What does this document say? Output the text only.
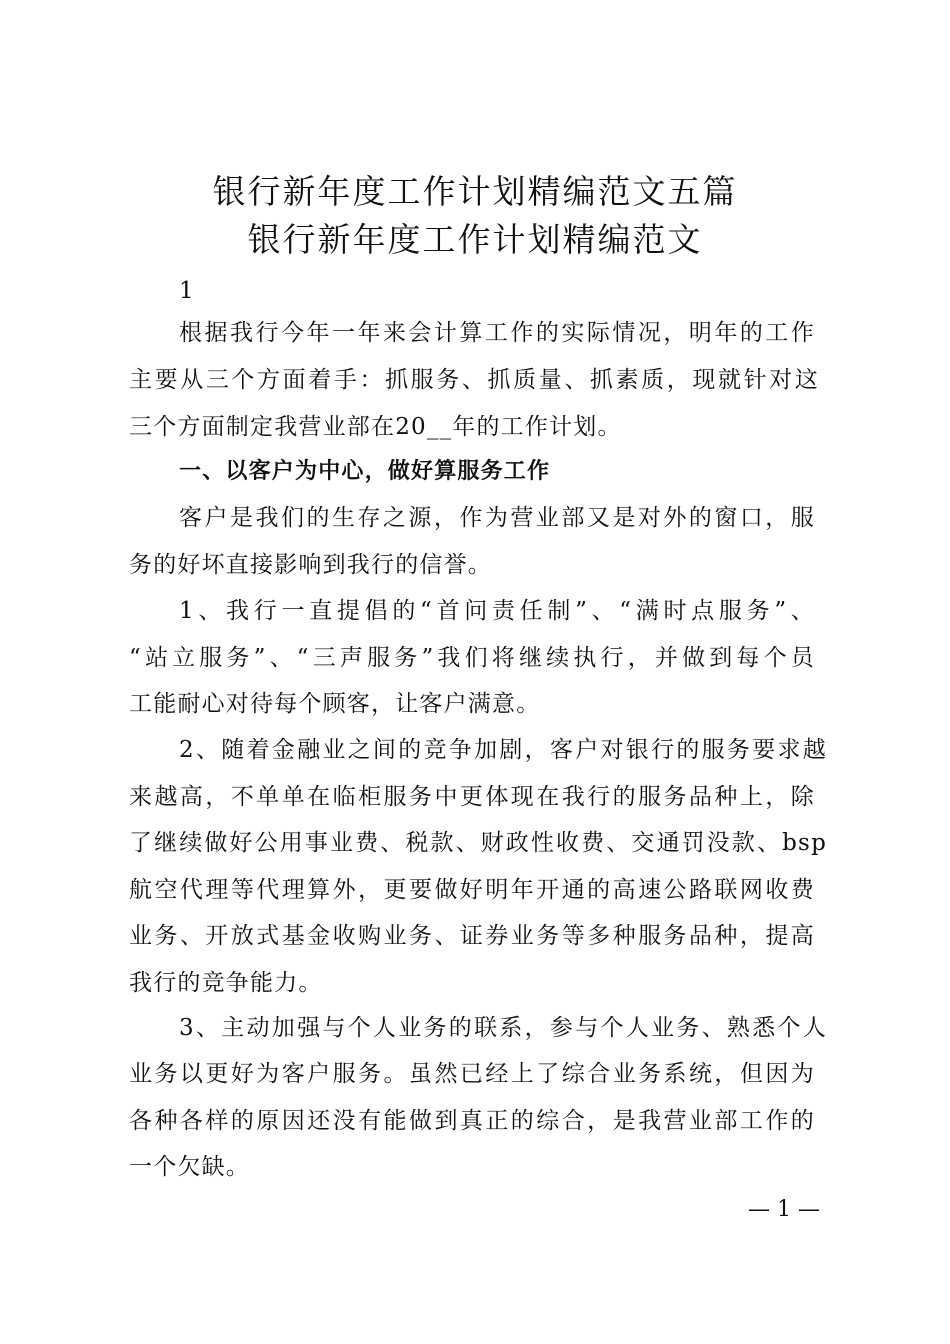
银行新年度工作计划精编范文五篇
银行新年度工作计划精编范文
1
根据我行今年一年来会计算工作的实际情况，明年的工作
主要从三个方面着手：抓服务、抓质量、抓素质，现就针对这
三个方面制定我营业部在20__年的工作计划。
一、以客户为中心，做好算服务工作
客户是我们的生存之源，作为营业部又是对外的窗口，服
务的好坏直接影响到我行的信誉。
1、我行一直提倡的“首问责任制”、“满时点服务”、
“站立服务”、“三声服务”我们将继续执行，并做到每个员
工能耐心对待每个顾客，让客户满意。
2、随着金融业之间的竞争加剧，客户对银行的服务要求越
来越高，不单单在临柜服务中更体现在我行的服务品种上，除
了继续做好公用事业费、税款、财政性收费、交通罚没款、bsp
航空代理等代理算外，更要做好明年开通的高速公路联网收费
业务、开放式基金收购业务、证券业务等多种服务品种，提高
我行的竞争能力。
3、主动加强与个人业务的联系，参与个人业务、熟悉个人
业务以更好为客户服务。虽然已经上了综合业务系统，但因为
各种各样的原因还没有能做到真正的综合，是我营业部工作的
一个欠缺。
— 1 —
